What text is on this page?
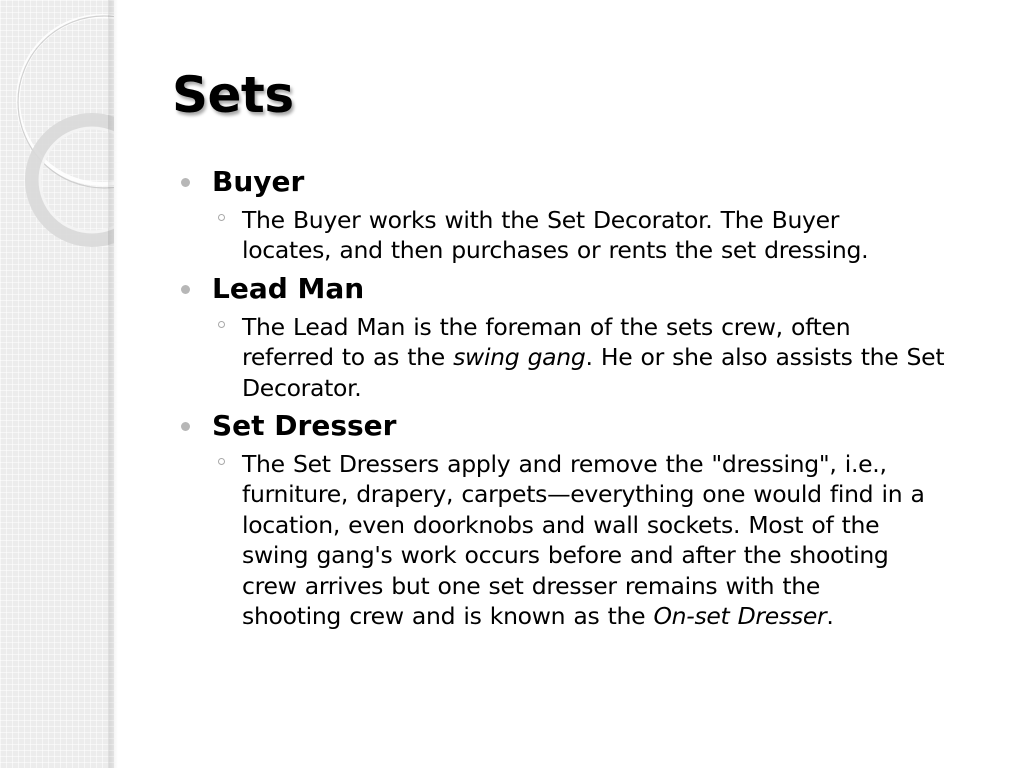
Sets
Buyer
The Buyer works with the Set Decorator. The Buyer
locates, and then purchases or rents the set dressing.
Lead Man
The Lead Man is the foreman of the sets crew, often
referred to as the swing gang. He or she also assists the Set
Decorator.
Set Dresser
The Set Dressers apply and remove the "dressing", i.e.,
furniture, drapery, carpets—everything one would find in a
location, even doorknobs and wall sockets. Most of the
swing gang's work occurs before and after the shooting
crew arrives but one set dresser remains with the
shooting crew and is known as the On-set Dresser.
